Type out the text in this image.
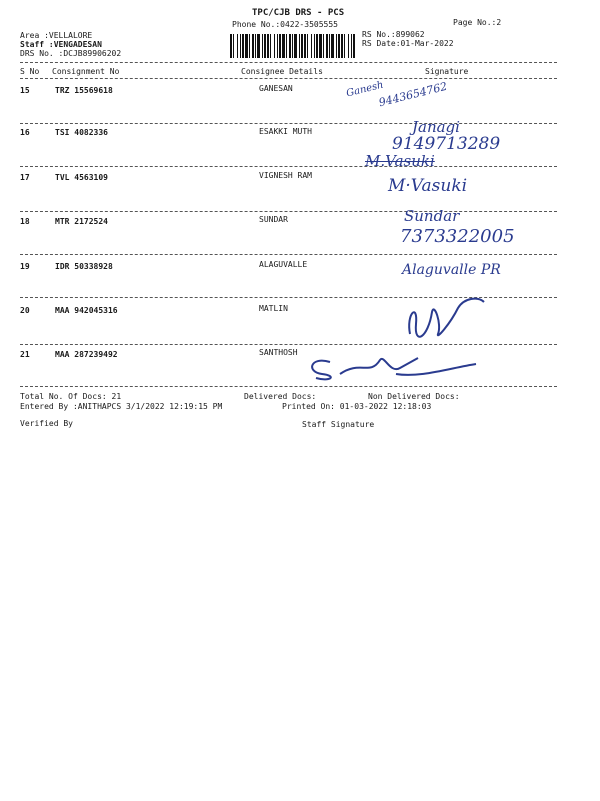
TPC/CJB DRS - PCS
Phone No.:0422-3505555	Page No.:2
Area :VELLALORE
Staff :VENGADESAN
DRS No. :DCJB89906202
RS No.:899062
RS Date:01-Mar-2022
S No Consignment No	Consignee Details	Signature
15	TRZ 15569618	GANESAN	Ganesh
9443654762
16	TSI 4082336	ESAKKI MUTH	Janagi
9149713289
17	TVL 4563109	VIGNESH RAM
M.Vasuki
M·Vasuki
18	MTR 2172524	SUNDAR	Sundar
7373322005
19	IDR 50338928	ALAGUVALLE	Alaguvalle PR
20	MAA 942045316	MATLIN
21	MAA 287239492	SANTHOSH
Total No. Of Docs: 21	Delivered Docs:	Non Delivered Docs:
Entered By :ANITHAPCS 3/1/2022 12:19:15 PM	Printed On: 01-03-2022 12:18:03
Verified By	Staff Signature
